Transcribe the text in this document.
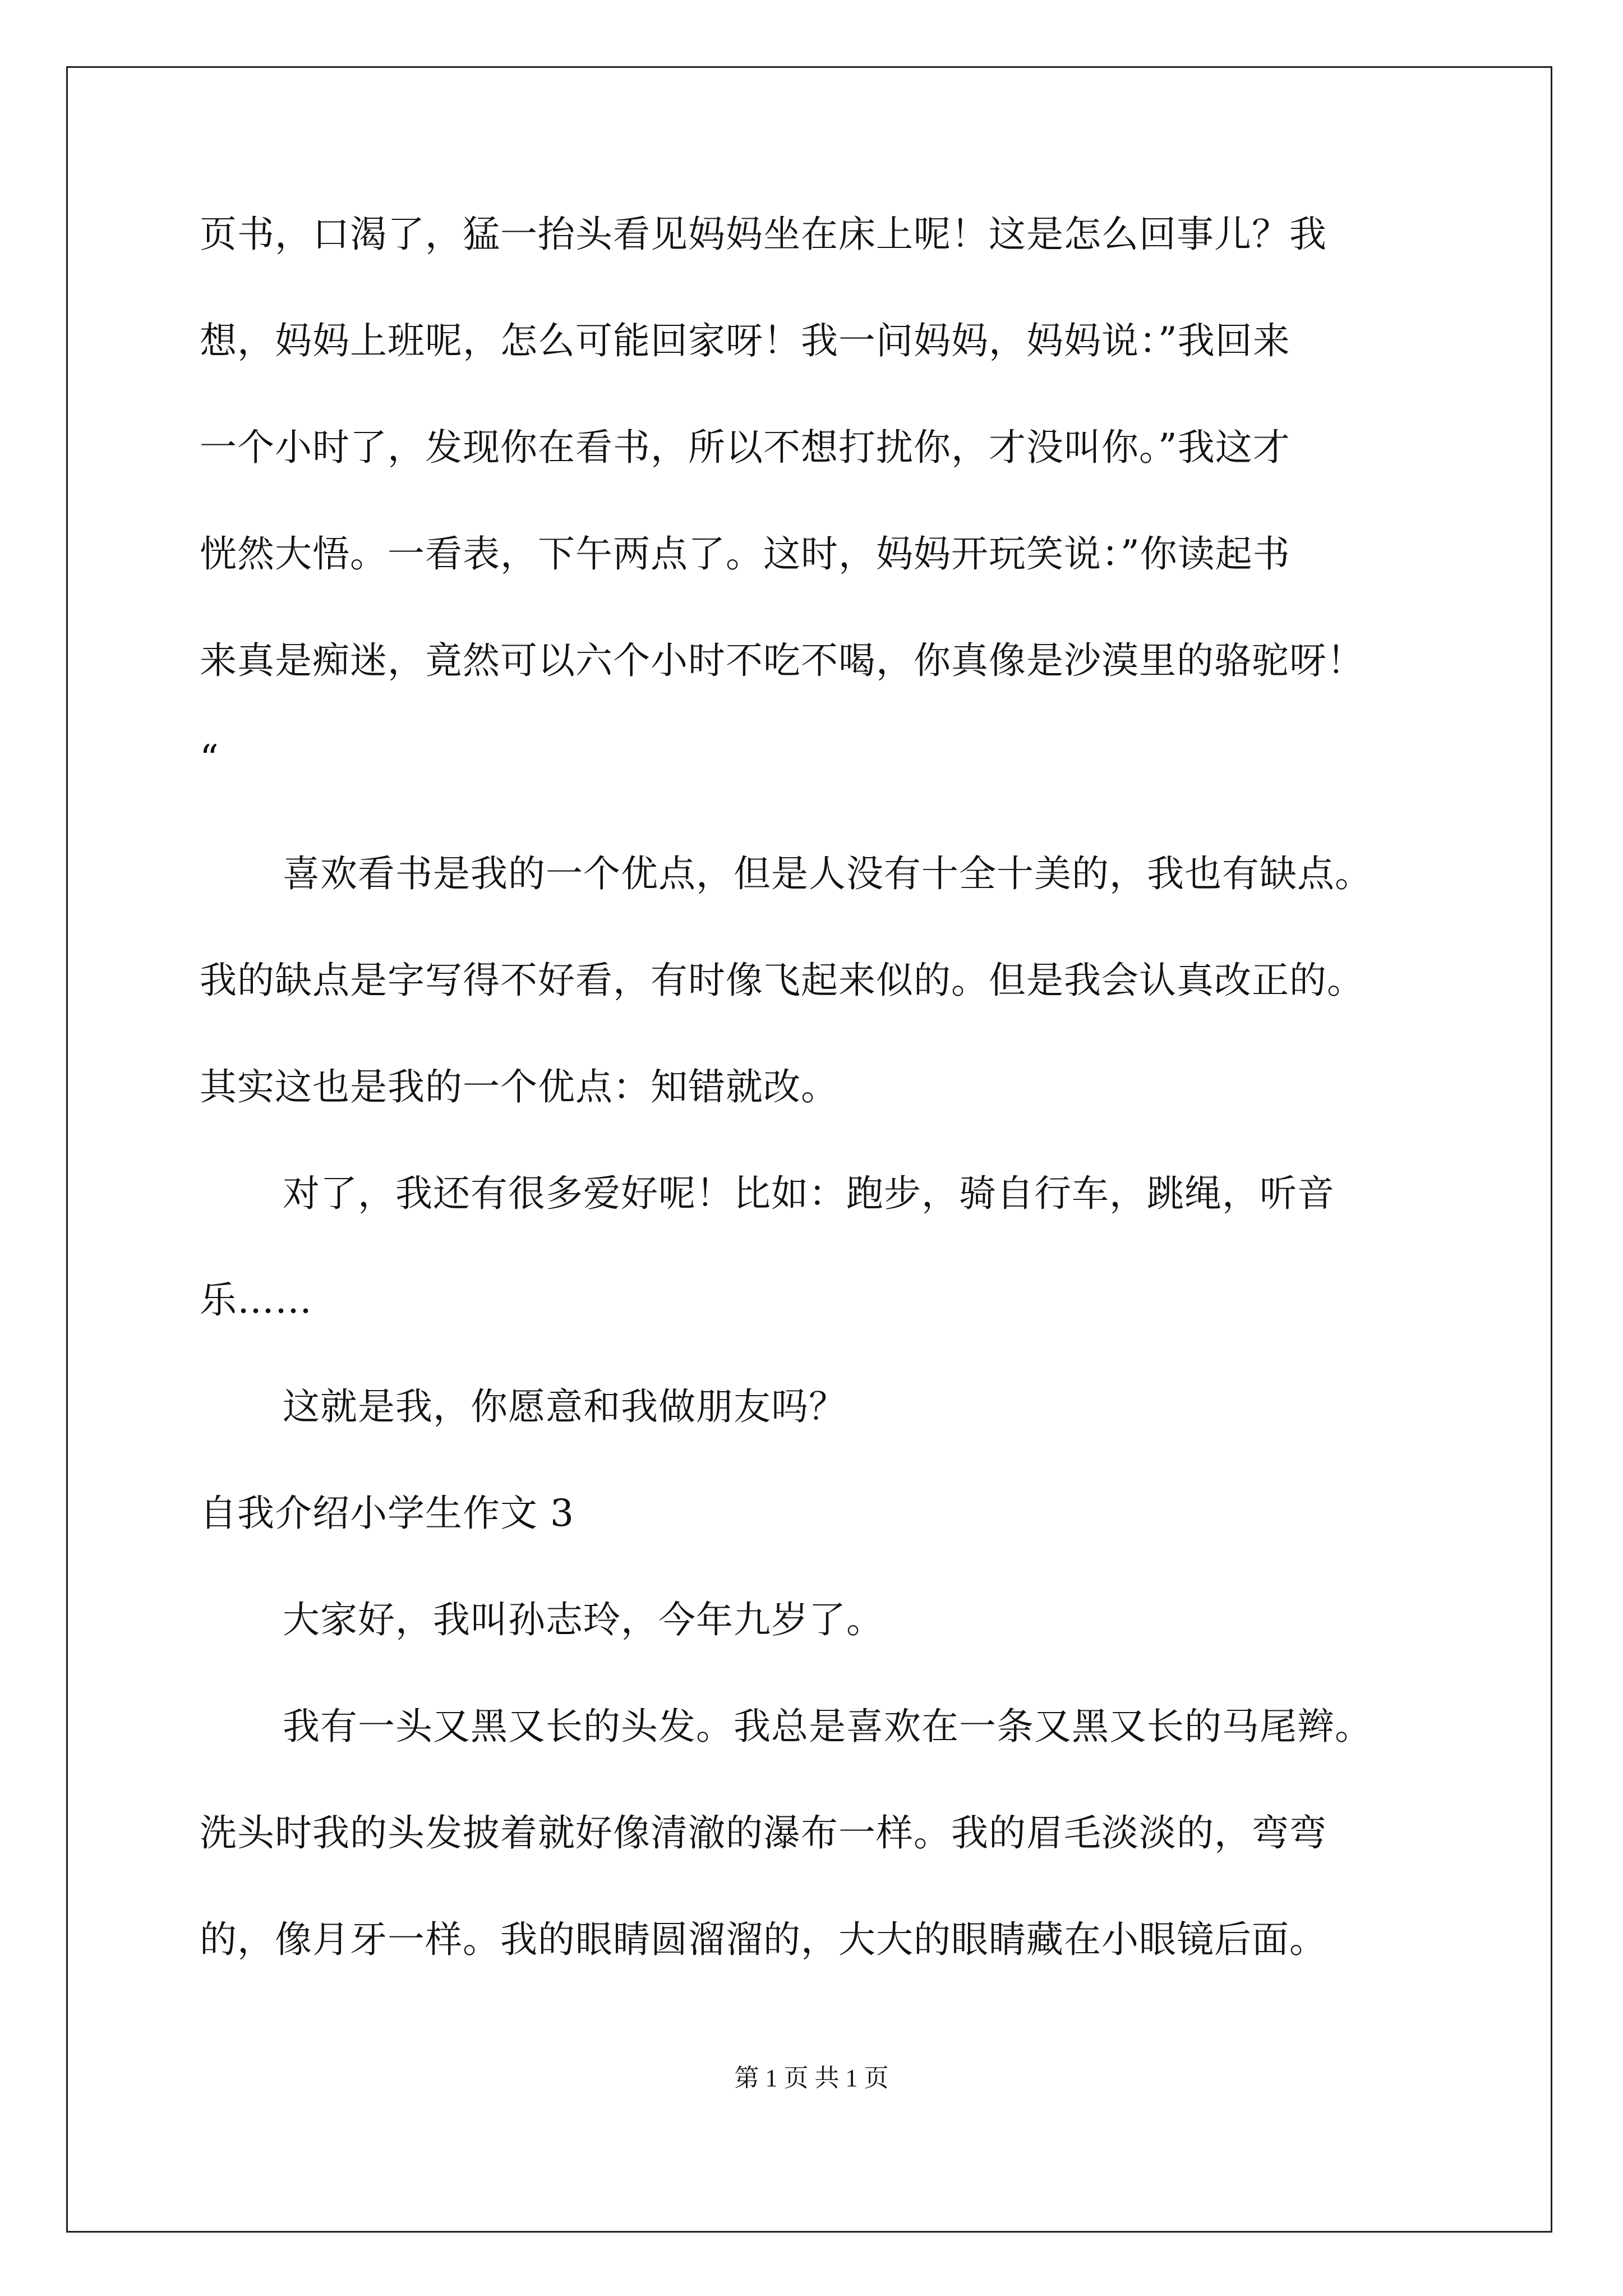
页书，口渴了，猛一抬头看见妈妈坐在床上呢！这是怎么回事儿？我
想，妈妈上班呢，怎么可能回家呀！我一问妈妈，妈妈说：”我回来
一个小时了，发现你在看书，所以不想打扰你，才没叫你。”我这才
恍然大悟。一看表，下午两点了。这时，妈妈开玩笑说：”你读起书
来真是痴迷，竟然可以六个小时不吃不喝，你真像是沙漠里的骆驼呀！
“
喜欢看书是我的一个优点，但是人没有十全十美的，我也有缺点。
我的缺点是字写得不好看，有时像飞起来似的。但是我会认真改正的。
其实这也是我的一个优点：知错就改。
对了，我还有很多爱好呢！比如：跑步，骑自行车，跳绳，听音
乐……
这就是我，你愿意和我做朋友吗？
自我介绍小学生作文 3
大家好，我叫孙志玲，今年九岁了。
我有一头又黑又长的头发。我总是喜欢在一条又黑又长的马尾辫。
洗头时我的头发披着就好像清澈的瀑布一样。我的眉毛淡淡的，弯弯
的，像月牙一样。我的眼睛圆溜溜的，大大的眼睛藏在小眼镜后面。
第 1 页 共 1 页
